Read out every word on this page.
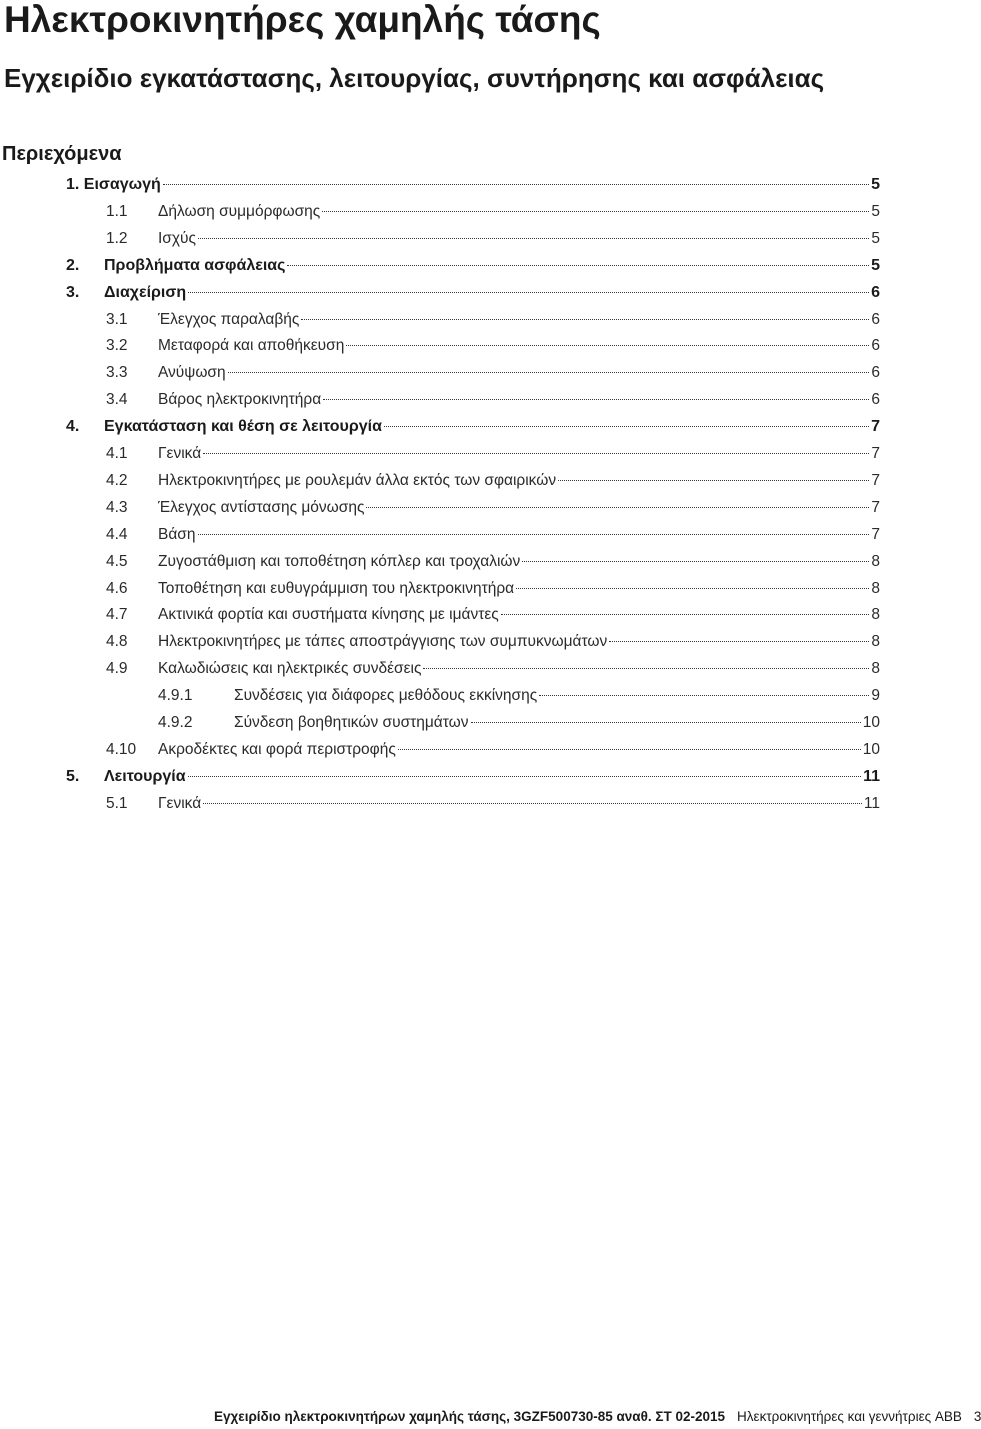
Ηλεκτροκινητήρες χαμηλής τάσης
Εγχειρίδιο εγκατάστασης, λειτουργίας, συντήρησης και ασφάλειας
Περιεχόμενα
1. Εισαγωγή	5
1.1	Δήλωση συμμόρφωσης	5
1.2	Ισχύς	5
2.	Προβλήματα ασφάλειας	5
3.	Διαχείριση	6
3.1	Έλεγχος παραλαβής	6
3.2	Μεταφορά και αποθήκευση	6
3.3	Ανύψωση	6
3.4	Βάρος ηλεκτροκινητήρα	6
4.	Εγκατάσταση και θέση σε λειτουργία	7
4.1	Γενικά	7
4.2	Ηλεκτροκινητήρες με ρουλεμάν άλλα εκτός των σφαιρικών	7
4.3	Έλεγχος αντίστασης μόνωσης	7
4.4	Βάση	7
4.5	Ζυγοστάθμιση και τοποθέτηση κόπλερ και τροχαλιών	8
4.6	Τοποθέτηση και ευθυγράμμιση του ηλεκτροκινητήρα	8
4.7	Ακτινικά φορτία και συστήματα κίνησης με ιμάντες	8
4.8	Ηλεκτροκινητήρες με τάπες αποστράγγισης των συμπυκνωμάτων	8
4.9	Καλωδιώσεις και ηλεκτρικές συνδέσεις	8
4.9.1	Συνδέσεις για διάφορες μεθόδους εκκίνησης	9
4.9.2	Σύνδεση βοηθητικών συστημάτων	10
4.10	Ακροδέκτες και φορά περιστροφής	10
5.	Λειτουργία	11
5.1	Γενικά	11
Εγχειρίδιο ηλεκτροκινητήρων χαμηλής τάσης, 3GZF500730-85 αναθ. ΣΤ 02-2015 Ηλεκτροκινητήρες και γεννήτριες ABB 3
